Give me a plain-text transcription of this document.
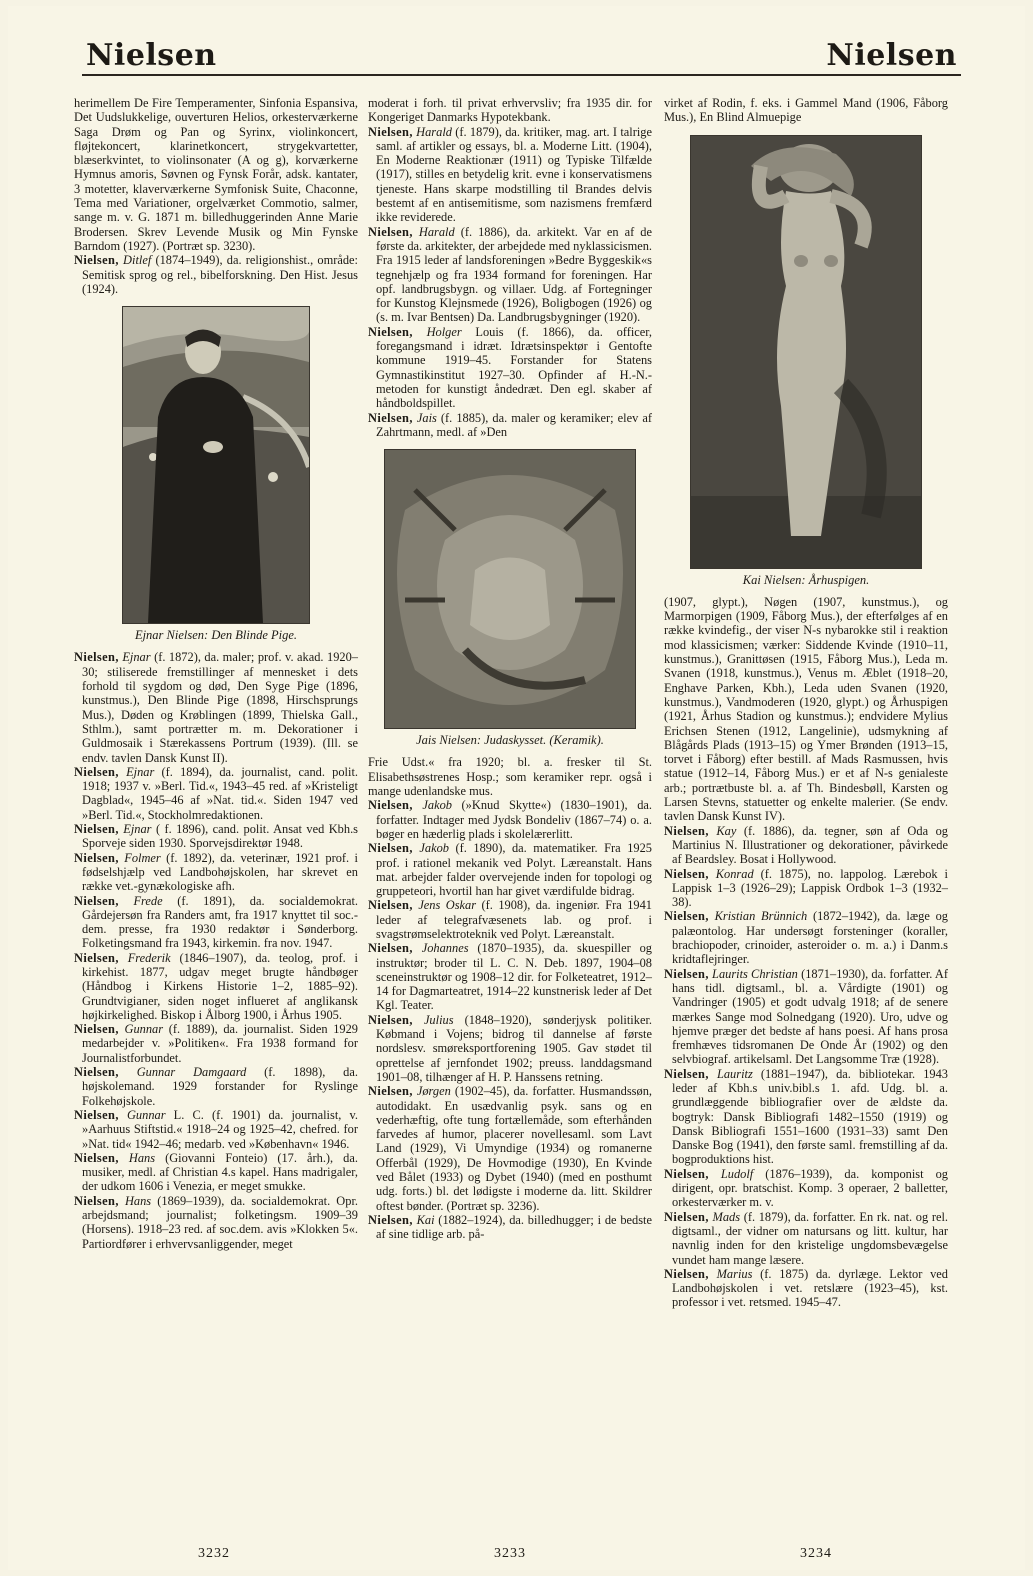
Nielsen	Nielsen

herimellem De Fire Temperamenter, Sinfonia Espansiva, Det Uudslukkelige, ouverturen Helios, orkesterværkerne Saga Drøm og Pan og Syrinx, violinkoncert, fløjtekoncert, klarinetkoncert, strygekvartetter, blæserkvintet, to violinsonater (A og g), korværkerne Hymnus amoris, Søvnen og Fynsk Forår, adsk. kantater, 3 motetter, klaverværkerne Symfonisk Suite, Chaconne, Tema med Variationer, orgelværket Commotio, salmer, sange m. v. G. 1871 m. billedhuggerinden Anne Marie Brodersen. Skrev Levende Musik og Min Fynske Barndom (1927). (Portræt sp. 3230).

Nielsen, Ditlef (1874–1949), da. religionshist., område: Semitisk sprog og rel., bibelforskning. Den Hist. Jesus (1924).

Ejnar Nielsen: Den Blinde Pige.

Nielsen, Ejnar (f. 1872), da. maler; prof. v. akad. 1920–30; stiliserede fremstillinger af mennesket i dets forhold til sygdom og død, Den Syge Pige (1896, kunstmus.), Den Blinde Pige (1898, Hirschsprungs Mus.), Døden og Krøblingen (1899, Thielska Gall., Sthlm.), samt portrætter m. m. Dekorationer i Guldmosaik i Stærekassens Portrum (1939). (Ill. se endv. tavlen Dansk Kunst II).

Nielsen, Ejnar (f. 1894), da. journalist, cand. polit. 1918; 1937 v. »Berl. Tid.«, 1943–45 red. af »Kristeligt Dagblad«, 1945–46 af »Nat. tid.«. Siden 1947 ved »Berl. Tid.«, Stockholmredaktionen.

Nielsen, Ejnar ( f. 1896), cand. polit. Ansat ved Kbh.s Sporveje siden 1930. Sporvejsdirektør 1948.

Nielsen, Folmer (f. 1892), da. veterinær, 1921 prof. i fødselshjælp ved Landbohøjskolen, har skrevet en række vet.-gynækologiske afh.

Nielsen, Frede (f. 1891), da. socialdemokrat. Gårdejersøn fra Randers amt, fra 1917 knyttet til soc.-dem. presse, fra 1930 redaktør i Sønderborg. Folketingsmand fra 1943, kirkemin. fra nov. 1947.

Nielsen, Frederik (1846–1907), da. teolog, prof. i kirkehist. 1877, udgav meget brugte håndbøger (Håndbog i Kirkens Historie 1–2, 1885–92). Grundtvigianer, siden noget influeret af anglikansk højkirkelighed. Biskop i Ålborg 1900, i Århus 1905.

Nielsen, Gunnar (f. 1889), da. journalist. Siden 1929 medarbejder v. »Politiken«. Fra 1938 formand for Journalistforbundet.

Nielsen, Gunnar Damgaard (f. 1898), da. højskolemand. 1929 forstander for Ryslinge Folkehøjskole.

Nielsen, Gunnar L. C. (f. 1901) da. journalist, v. »Aarhuus Stiftstid.« 1918–24 og 1925–42, chefred. for »Nat. tid« 1942–46; medarb. ved »København« 1946.

Nielsen, Hans (Giovanni Fonteio) (17. årh.), da. musiker, medl. af Christian 4.s kapel. Hans madrigaler, der udkom 1606 i Venezia, er meget smukke.

Nielsen, Hans (1869–1939), da. socialdemokrat. Opr. arbejdsmand; journalist; folketingsm. 1909–39 (Horsens). 1918–23 red. af soc.dem. avis »Klokken 5«. Partiordfører i erhvervsanliggender, meget

moderat i forh. til privat erhvervsliv; fra 1935 dir. for Kongeriget Danmarks Hypotekbank.

Nielsen, Harald (f. 1879), da. kritiker, mag. art. I talrige saml. af artikler og essays, bl. a. Moderne Litt. (1904), En Moderne Reaktionær (1911) og Typiske Tilfælde (1917), stilles en betydelig krit. evne i konservatismens tjeneste. Hans skarpe modstilling til Brandes delvis bestemt af en antisemitisme, som nazismens fremfærd ikke reviderede.

Nielsen, Harald (f. 1886), da. arkitekt. Var en af de første da. arkitekter, der arbejdede med nyklassicismen. Fra 1915 leder af landsforeningen »Bedre Byggeskik«s tegnehjælp og fra 1934 formand for foreningen. Har opf. landbrugsbygn. og villaer. Udg. af Fortegninger for Kunstog Klejnsmede (1926), Boligbogen (1926) og (s. m. Ivar Bentsen) Da. Landbrugsbygninger (1920).

Nielsen, Holger Louis (f. 1866), da. officer, foregangsmand i idræt. Idrætsinspektør i Gentofte kommune 1919–45. Forstander for Statens Gymnastikinstitut 1927–30. Opfinder af H.-N.-metoden for kunstigt åndedræt. Den egl. skaber af håndboldspillet.

Nielsen, Jais (f. 1885), da. maler og keramiker; elev af Zahrtmann, medl. af »Den

Jais Nielsen: Judaskysset. (Keramik).

Frie Udst.« fra 1920; bl. a. fresker til St. Elisabethsøstrenes Hosp.; som keramiker repr. også i mange udenlandske mus.

Nielsen, Jakob (»Knud Skytte«) (1830–1901), da. forfatter. Indtager med Jydsk Bondeliv (1867–74) o. a. bøger en hæderlig plads i skolelærerlitt.

Nielsen, Jakob (f. 1890), da. matematiker. Fra 1925 prof. i rationel mekanik ved Polyt. Læreanstalt. Hans mat. arbejder falder overvejende inden for topologi og gruppeteori, hvortil han har givet værdifulde bidrag.

Nielsen, Jens Oskar (f. 1908), da. ingeniør. Fra 1941 leder af telegrafvæsenets lab. og prof. i svagstrømselektroteknik ved Polyt. Læreanstalt.

Nielsen, Johannes (1870–1935), da. skuespiller og instruktør; broder til L. C. N. Deb. 1897, 1904–08 sceneinstruktør og 1908–12 dir. for Folketeatret, 1912–14 for Dagmarteatret, 1914–22 kunstnerisk leder af Det Kgl. Teater.

Nielsen, Julius (1848–1920), sønderjysk politiker. Købmand i Vojens; bidrog til dannelse af første nordslesv. smøreksportforening 1905. Gav stødet til oprettelse af jernfondet 1902; preuss. landdagsmand 1901–08, tilhænger af H. P. Hanssens retning.

Nielsen, Jørgen (1902–45), da. forfatter. Husmandssøn, autodidakt. En usædvanlig psyk. sans og en vederhæftig, ofte tung fortællemåde, som efterhånden farvedes af humor, placerer novellesaml. som Lavt Land (1929), Vi Umyndige (1934) og romanerne Offerbål (1929), De Hovmodige (1930), En Kvinde ved Bålet (1933) og Dybet (1940) (med en posthumt udg. forts.) bl. det lødigste i moderne da. litt. Skildrer oftest bønder. (Portræt sp. 3236).

Nielsen, Kai (1882–1924), da. billedhugger; i de bedste af sine tidlige arb. på-

virket af Rodin, f. eks. i Gammel Mand (1906, Fåborg Mus.), En Blind Almuepige

Kai Nielsen: Århuspigen.

(1907, glypt.), Nøgen (1907, kunstmus.), og Marmorpigen (1909, Fåborg Mus.), der efterfølges af en række kvindefig., der viser N-s nybarokke stil i reaktion mod klassicismen; værker: Siddende Kvinde (1910–11, kunstmus.), Granittøsen (1915, Fåborg Mus.), Leda m. Svanen (1918, kunstmus.), Venus m. Æblet (1918–20, Enghave Parken, Kbh.), Leda uden Svanen (1920, kunstmus.), Vandmoderen (1920, glypt.) og Århuspigen (1921, Århus Stadion og kunstmus.); endvidere Mylius Erichsen Stenen (1912, Langelinie), udsmykning af Blågårds Plads (1913–15) og Ymer Brønden (1913–15, torvet i Fåborg) efter bestill. af Mads Rasmussen, hvis statue (1912–14, Fåborg Mus.) er et af N-s genialeste arb.; portrætbuste bl. a. af Th. Bindesbøll, Karsten og Larsen Stevns, statuetter og enkelte malerier. (Se endv. tavlen Dansk Kunst IV).

Nielsen, Kay (f. 1886), da. tegner, søn af Oda og Martinius N. Illustrationer og dekorationer, påvirkede af Beardsley. Bosat i Hollywood.

Nielsen, Konrad (f. 1875), no. lappolog. Lærebok i Lappisk 1–3 (1926–29); Lappisk Ordbok 1–3 (1932–38).

Nielsen, Kristian Brünnich (1872–1942), da. læge og palæontolog. Har undersøgt forsteninger (koraller, brachiopoder, crinoider, asteroider o. m. a.) i Danm.s kridtaflejringer.

Nielsen, Laurits Christian (1871–1930), da. forfatter. Af hans tidl. digtsaml., bl. a. Vårdigte (1901) og Vandringer (1905) et godt udvalg 1918; af de senere mærkes Sange mod Solnedgang (1920). Uro, udve og hjemve præger det bedste af hans poesi. Af hans prosa fremhæves tidsromanen De Onde År (1902) og den selvbiograf. artikelsaml. Det Langsomme Træ (1928).

Nielsen, Lauritz (1881–1947), da. bibliotekar. 1943 leder af Kbh.s univ.bibl.s 1. afd. Udg. bl. a. grundlæggende bibliografier over de ældste da. bogtryk: Dansk Bibliografi 1482–1550 (1919) og Dansk Bibliografi 1551–1600 (1931–33) samt Den Danske Bog (1941), den første saml. fremstilling af da. bogproduktions hist.

Nielsen, Ludolf (1876–1939), da. komponist og dirigent, opr. bratschist. Komp. 3 operaer, 2 balletter, orkesterværker m. v.

Nielsen, Mads (f. 1879), da. forfatter. En rk. nat. og rel. digtsaml., der vidner om natursans og litt. kultur, har navnlig inden for den kristelige ungdomsbevægelse vundet ham mange læsere.

Nielsen, Marius (f. 1875) da. dyrlæge. Lektor ved Landbohøjskolen i vet. retslære (1923–45), kst. professor i vet. retsmed. 1945–47.

3232	3233	3234
